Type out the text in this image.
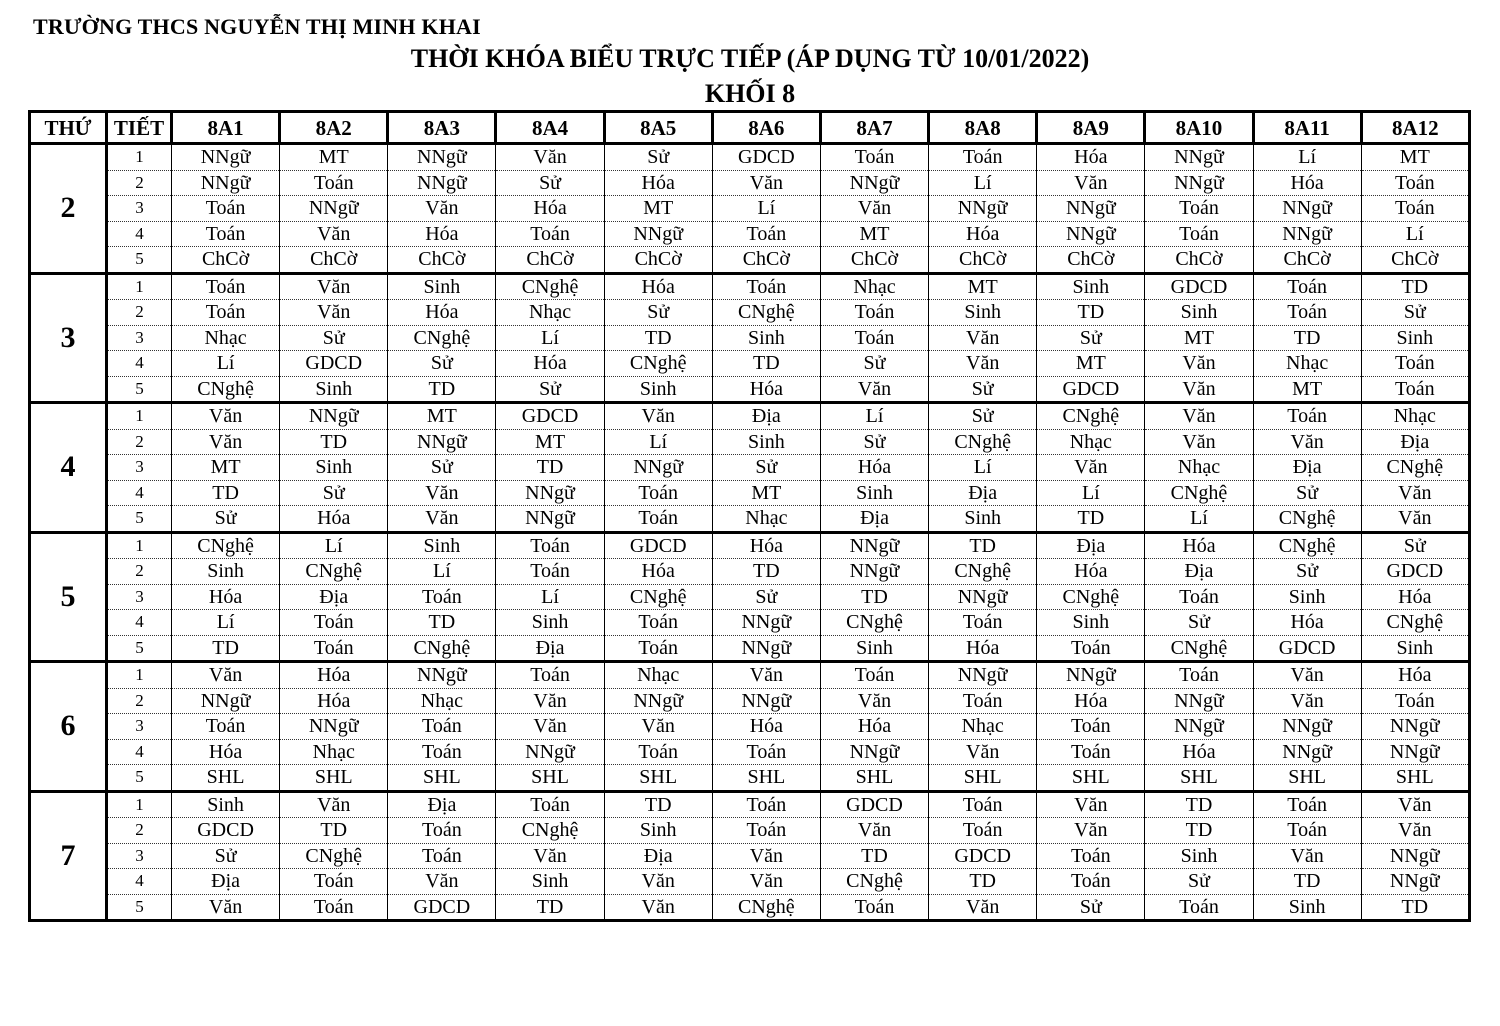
TRƯỜNG THCS NGUYỄN THỊ MINH KHAI
THỜI KHÓA BIỂU TRỰC TIẾP (ÁP DỤNG TỪ 10/01/2022)
KHỐI 8
THỨ	TIẾT	8A1	8A2	8A3	8A4	8A5	8A6	8A7	8A8	8A9	8A10	8A11	8A12
2	1	NNgữ	MT	NNgữ	Văn	Sử	GDCD	Toán	Toán	Hóa	NNgữ	Lí	MT
	2	NNgữ	Toán	NNgữ	Sử	Hóa	Văn	NNgữ	Lí	Văn	NNgữ	Hóa	Toán
	3	Toán	NNgữ	Văn	Hóa	MT	Lí	Văn	NNgữ	NNgữ	Toán	NNgữ	Toán
	4	Toán	Văn	Hóa	Toán	NNgữ	Toán	MT	Hóa	NNgữ	Toán	NNgữ	Lí
	5	ChCờ	ChCờ	ChCờ	ChCờ	ChCờ	ChCờ	ChCờ	ChCờ	ChCờ	ChCờ	ChCờ	ChCờ
3	1	Toán	Văn	Sinh	CNghệ	Hóa	Toán	Nhạc	MT	Sinh	GDCD	Toán	TD
	2	Toán	Văn	Hóa	Nhạc	Sử	CNghệ	Toán	Sinh	TD	Sinh	Toán	Sử
	3	Nhạc	Sử	CNghệ	Lí	TD	Sinh	Toán	Văn	Sử	MT	TD	Sinh
	4	Lí	GDCD	Sử	Hóa	CNghệ	TD	Sử	Văn	MT	Văn	Nhạc	Toán
	5	CNghệ	Sinh	TD	Sử	Sinh	Hóa	Văn	Sử	GDCD	Văn	MT	Toán
4	1	Văn	NNgữ	MT	GDCD	Văn	Địa	Lí	Sử	CNghệ	Văn	Toán	Nhạc
	2	Văn	TD	NNgữ	MT	Lí	Sinh	Sử	CNghệ	Nhạc	Văn	Văn	Địa
	3	MT	Sinh	Sử	TD	NNgữ	Sử	Hóa	Lí	Văn	Nhạc	Địa	CNghệ
	4	TD	Sử	Văn	NNgữ	Toán	MT	Sinh	Địa	Lí	CNghệ	Sử	Văn
	5	Sử	Hóa	Văn	NNgữ	Toán	Nhạc	Địa	Sinh	TD	Lí	CNghệ	Văn
5	1	CNghệ	Lí	Sinh	Toán	GDCD	Hóa	NNgữ	TD	Địa	Hóa	CNghệ	Sử
	2	Sinh	CNghệ	Lí	Toán	Hóa	TD	NNgữ	CNghệ	Hóa	Địa	Sử	GDCD
	3	Hóa	Địa	Toán	Lí	CNghệ	Sử	TD	NNgữ	CNghệ	Toán	Sinh	Hóa
	4	Lí	Toán	TD	Sinh	Toán	NNgữ	CNghệ	Toán	Sinh	Sử	Hóa	CNghệ
	5	TD	Toán	CNghệ	Địa	Toán	NNgữ	Sinh	Hóa	Toán	CNghệ	GDCD	Sinh
6	1	Văn	Hóa	NNgữ	Toán	Nhạc	Văn	Toán	NNgữ	NNgữ	Toán	Văn	Hóa
	2	NNgữ	Hóa	Nhạc	Văn	NNgữ	NNgữ	Văn	Toán	Hóa	NNgữ	Văn	Toán
	3	Toán	NNgữ	Toán	Văn	Văn	Hóa	Hóa	Nhạc	Toán	NNgữ	NNgữ	NNgữ
	4	Hóa	Nhạc	Toán	NNgữ	Toán	Toán	NNgữ	Văn	Toán	Hóa	NNgữ	NNgữ
	5	SHL	SHL	SHL	SHL	SHL	SHL	SHL	SHL	SHL	SHL	SHL	SHL
7	1	Sinh	Văn	Địa	Toán	TD	Toán	GDCD	Toán	Văn	TD	Toán	Văn
	2	GDCD	TD	Toán	CNghệ	Sinh	Toán	Văn	Toán	Văn	TD	Toán	Văn
	3	Sử	CNghệ	Toán	Văn	Địa	Văn	TD	GDCD	Toán	Sinh	Văn	NNgữ
	4	Địa	Toán	Văn	Sinh	Văn	Văn	CNghệ	TD	Toán	Sử	TD	NNgữ
	5	Văn	Toán	GDCD	TD	Văn	CNghệ	Toán	Văn	Sử	Toán	Sinh	TD
